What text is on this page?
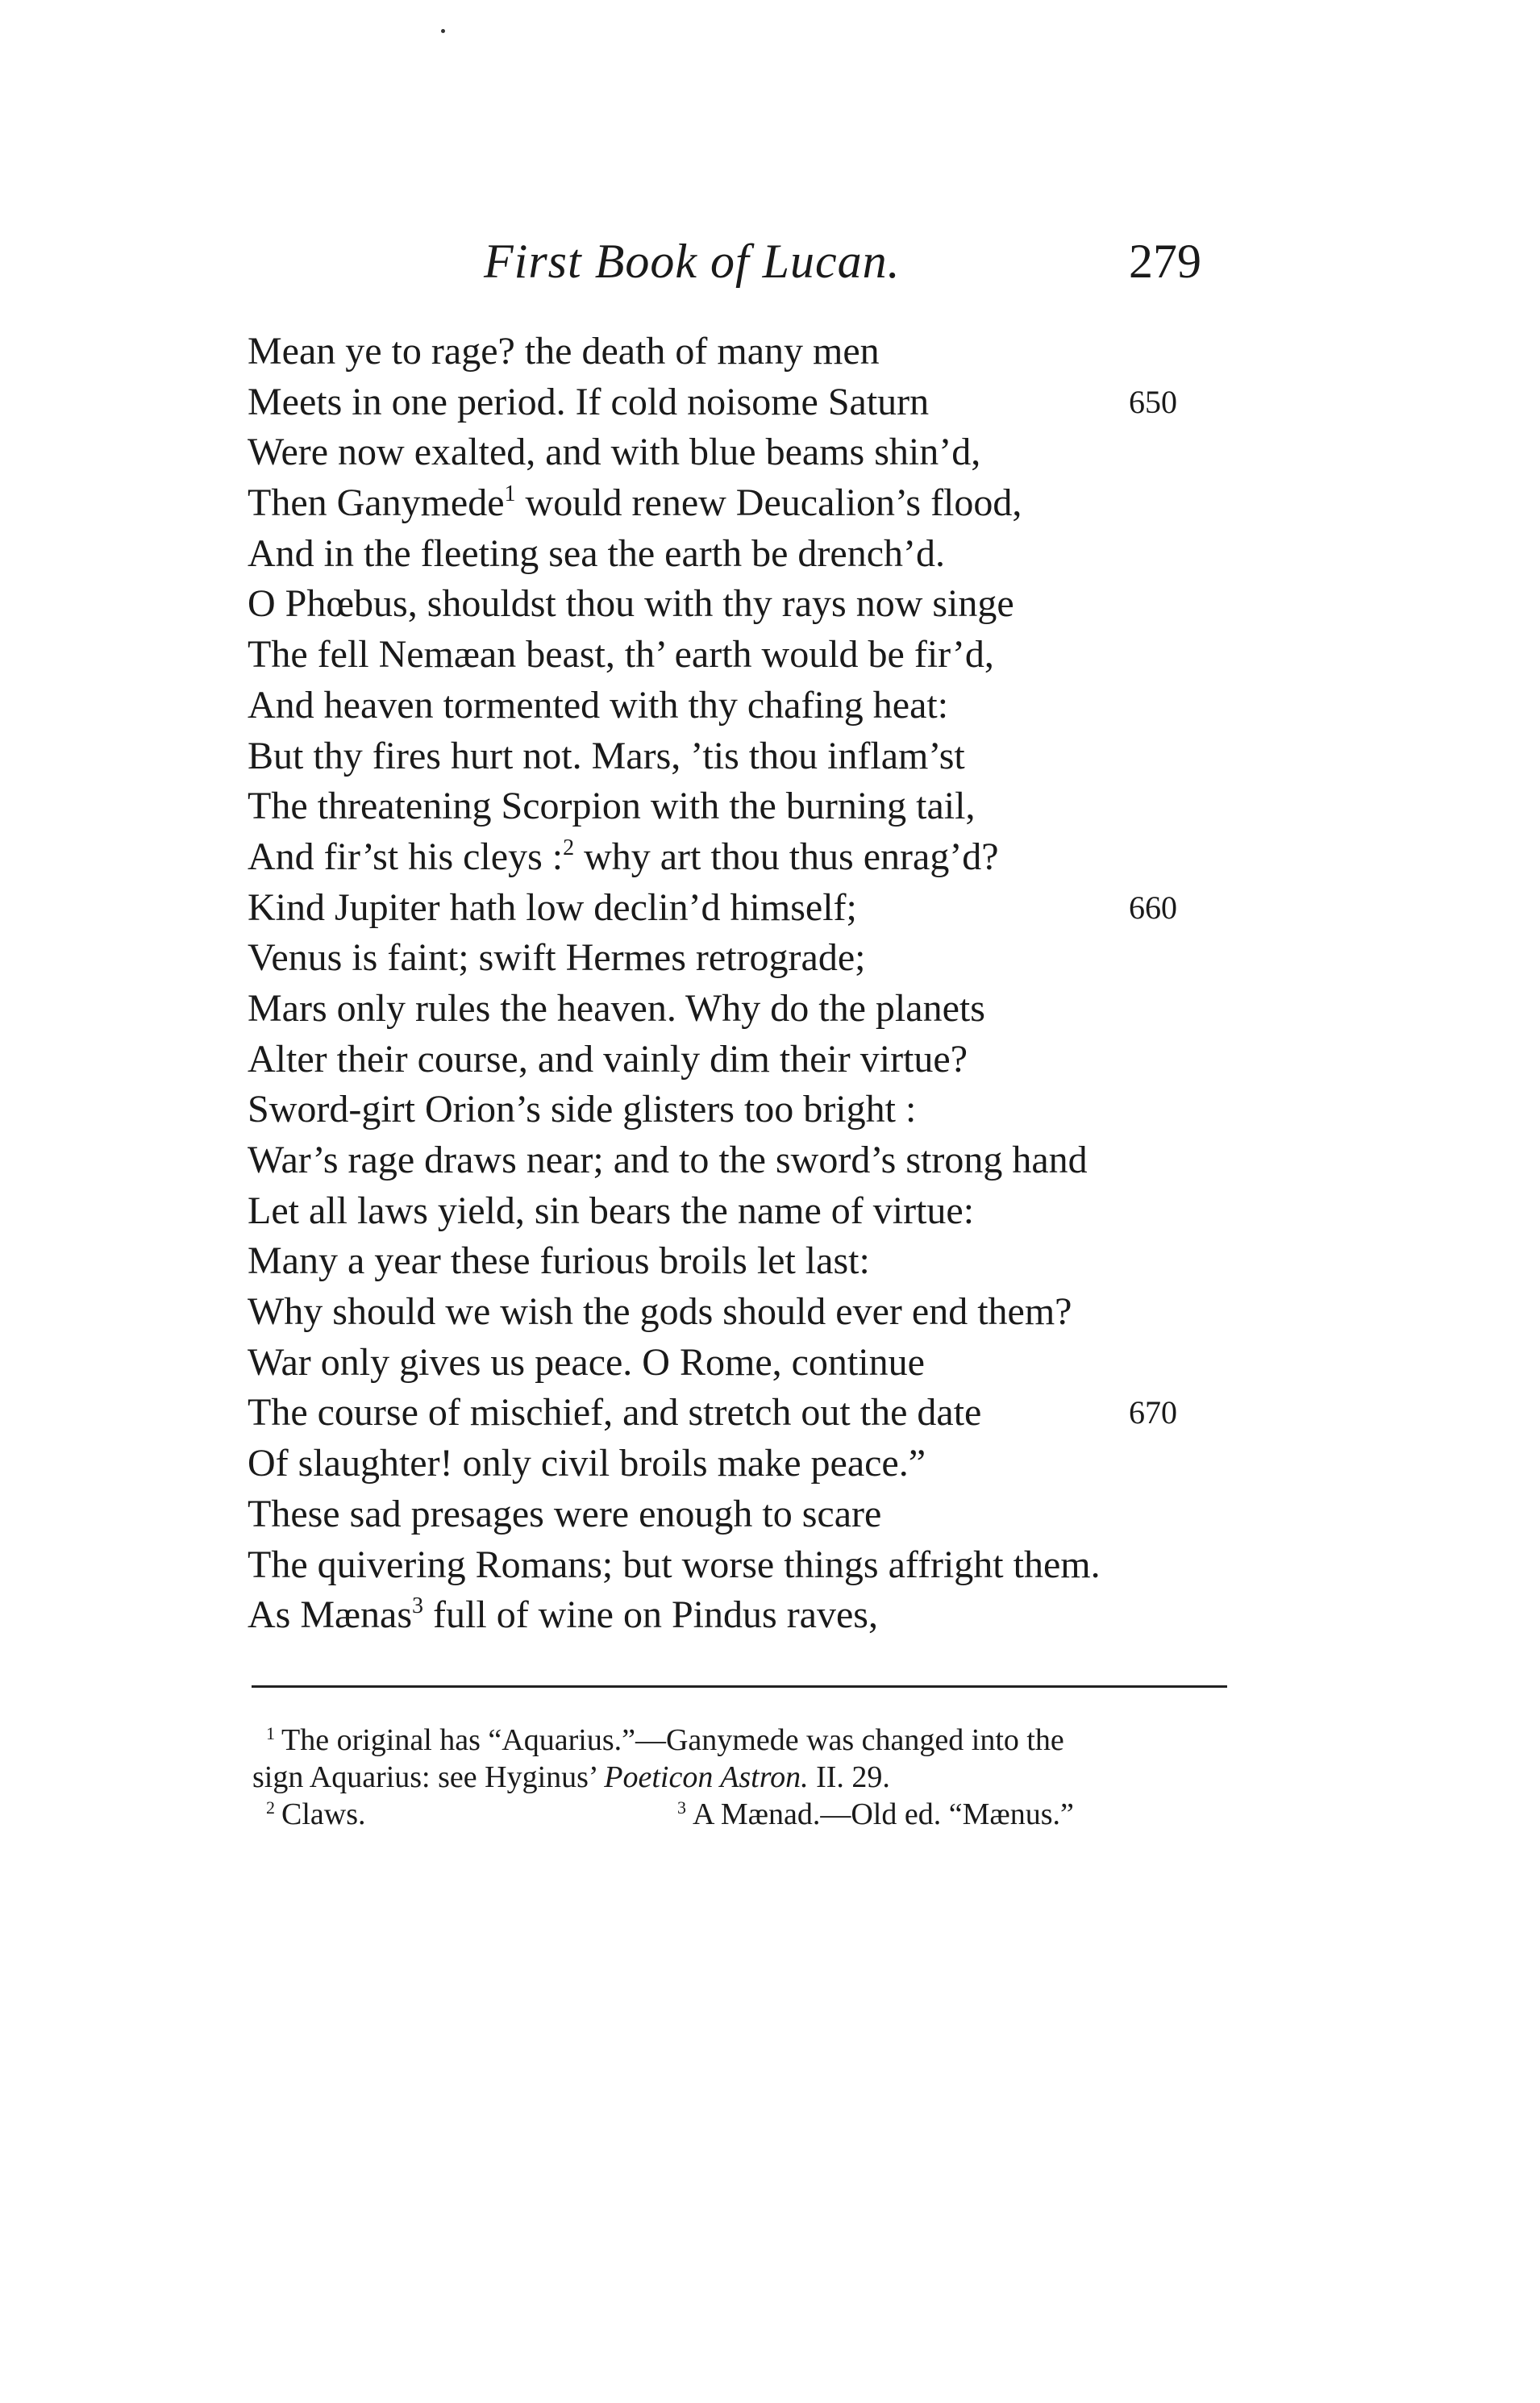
First Book of Lucan.	279
Mean ye to rage? the death of many men
Meets in one period. If cold noisome Saturn	650
Were now exalted, and with blue beams shin’d,
Then Ganymede$^1$ would renew Deucalion’s flood,
And in the fleeting sea the earth be drench’d.
O Phœbus, shouldst thou with thy rays now singe
The fell Nemæan beast, th’ earth would be fir’d,
And heaven tormented with thy chafing heat:
But thy fires hurt not. Mars, ’tis thou inflam’st
The threatening Scorpion with the burning tail,
And fir’st his cleys :$^2$ why art thou thus enrag’d?
Kind Jupiter hath low declin’d himself;	660
Venus is faint; swift Hermes retrograde;
Mars only rules the heaven. Why do the planets
Alter their course, and vainly dim their virtue?
Sword-girt Orion’s side glisters too bright :
War’s rage draws near; and to the sword’s strong hand
Let all laws yield, sin bears the name of virtue:
Many a year these furious broils let last:
Why should we wish the gods should ever end them?
War only gives us peace. O Rome, continue
The course of mischief, and stretch out the date	670
Of slaughter! only civil broils make peace.”
These sad presages were enough to scare
The quivering Romans; but worse things affright them.
As Mænas$^3$ full of wine on Pindus raves,
$^1$ The original has “Aquarius.”—Ganymede was changed into the
sign Aquarius: see Hyginus’ Poeticon Astron. II. 29.
$^2$ Claws.	$^3$ A Mænad.—Old ed. “Mænus.”
